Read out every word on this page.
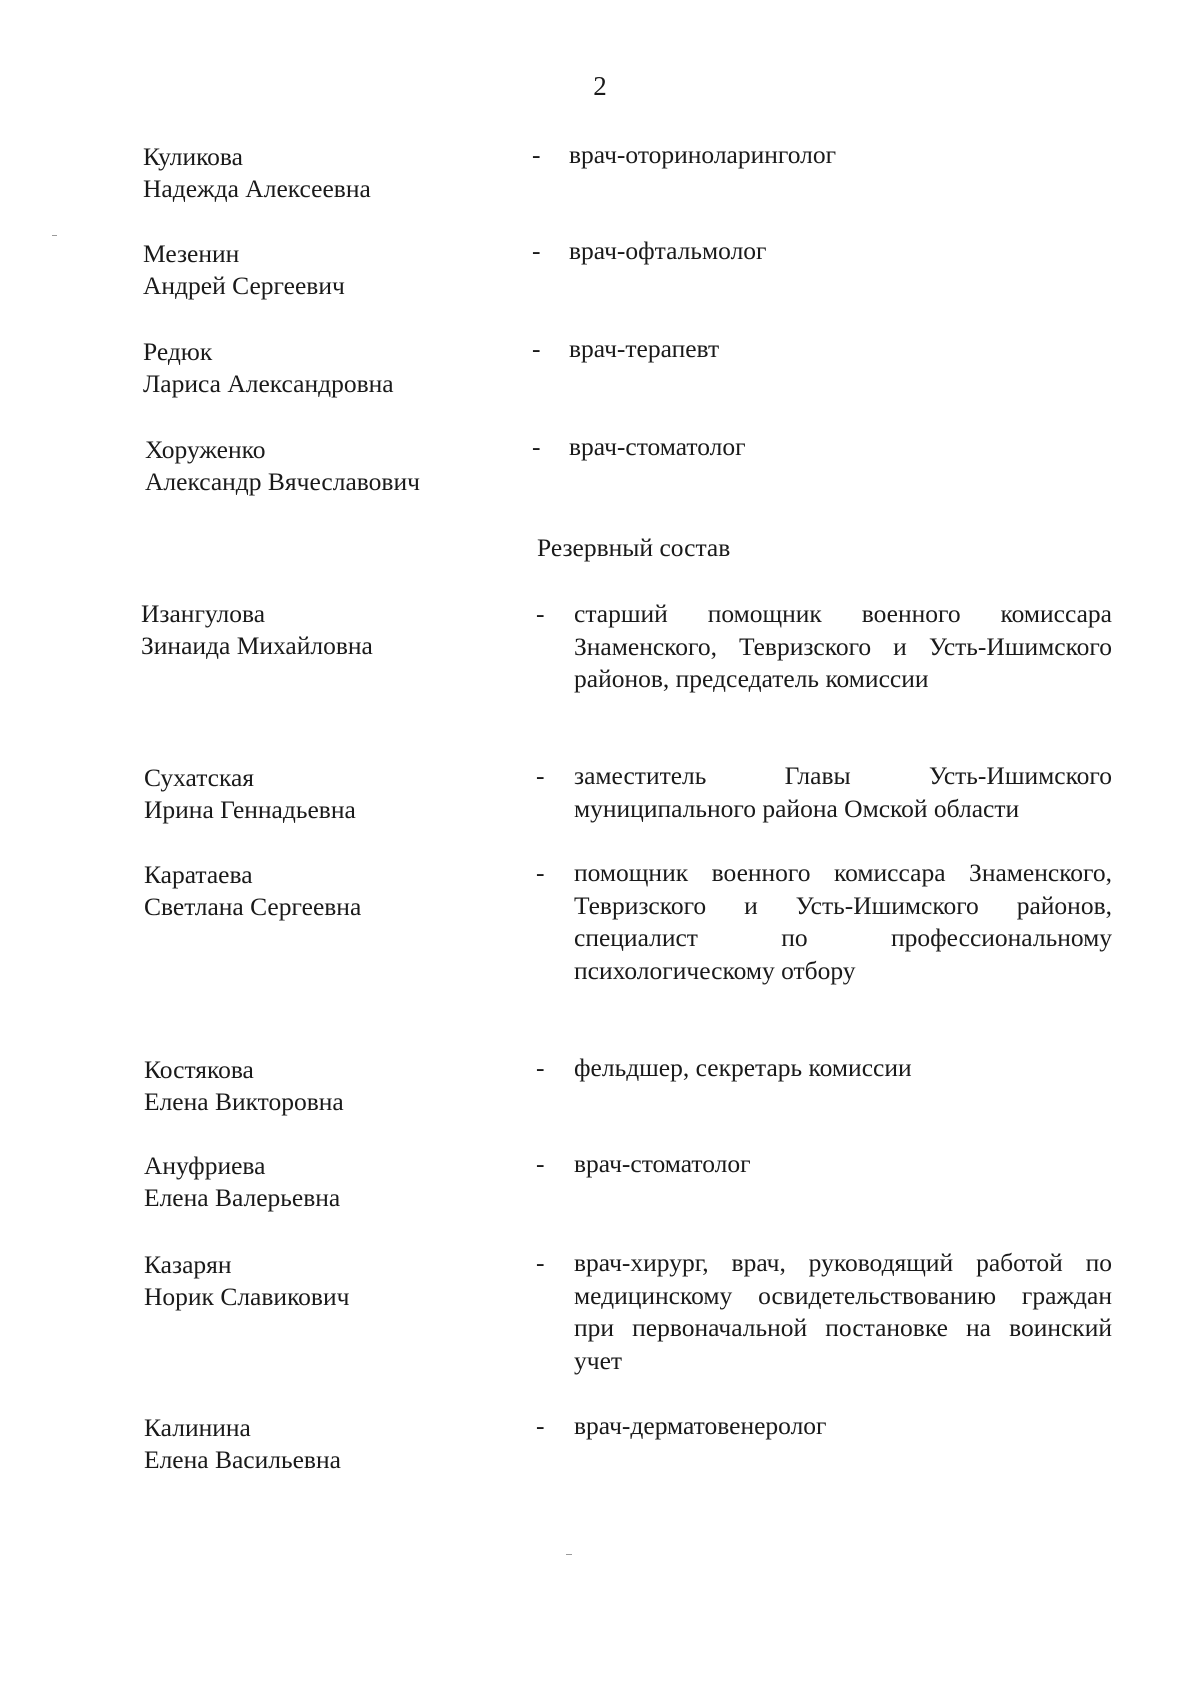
2
Куликова
Надежда Алексеевна
- врач-оториноларинголог
Мезенин
Андрей Сергеевич
- врач-офтальмолог
Редюк
Лариса Александровна
- врач-терапевт
Хоруженко
Александр Вячеславович
- врач-стоматолог
Резервный состав
Изангулова
Зинаида Михайловна
- старший помощник военного комиссара Знаменского, Тевризского и Усть-Ишимского районов, председатель комиссии
Сухатская
Ирина Геннадьевна
- заместитель Главы Усть-Ишимского муниципального района Омской области
Каратаева
Светлана Сергеевна
- помощник военного комиссара Знаменского, Тевризского и Усть-Ишимского районов, специалист по профессиональному психологическому отбору
Костякова
Елена Викторовна
- фельдшер, секретарь комиссии
Ануфриева
Елена Валерьевна
- врач-стоматолог
Казарян
Норик Славикович
- врач-хирург, врач, руководящий работой по медицинскому освидетельствованию граждан при первоначальной постановке на воинский учет
Калинина
Елена Васильевна
- врач-дерматовенеролог
